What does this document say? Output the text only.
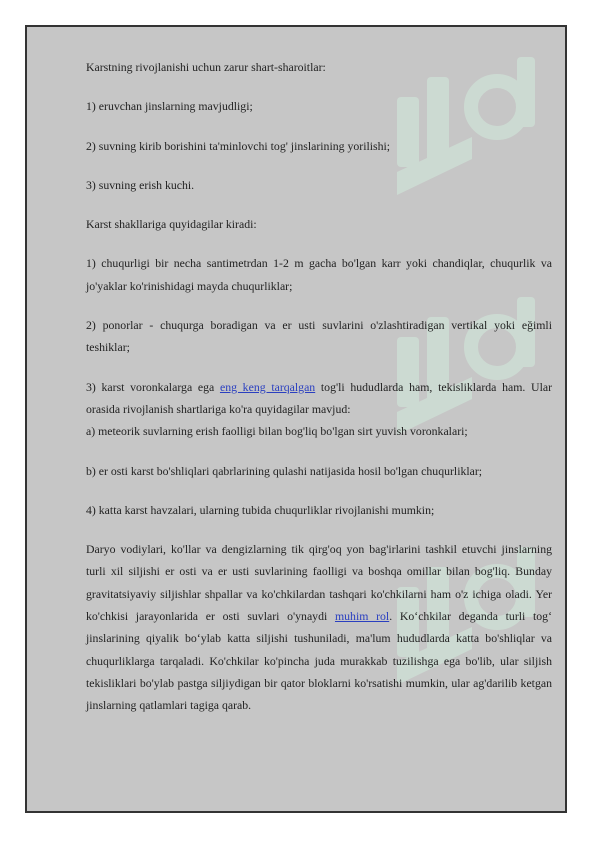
Karstning rivojlanishi uchun zarur shart-sharoitlar:

1) eruvchan jinslarning mavjudligi;

2) suvning kirib borishini ta'minlovchi tog' jinslarining yorilishi;

3) suvning erish kuchi.

Karst shakllariga quyidagilar kiradi:

1) chuqurligi bir necha santimetrdan 1-2 m gacha bo'lgan karr yoki chandiqlar, chuqurlik va jo'yaklar ko'rinishidagi mayda chuqurliklar;

2) ponorlar - chuqurga boradigan va er usti suvlarini o'zlashtiradigan vertikal yoki eğimli teshiklar;

3) karst voronkalarga ega eng keng tarqalgan tog'li hududlarda ham, tekisliklarda ham. Ular orasida rivojlanish shartlariga ko'ra quyidagilar mavjud:

a) meteorik suvlarning erish faolligi bilan bog'liq bo'lgan sirt yuvish voronkalari;

b) er osti karst bo'shliqlari qabrlarining qulashi natijasida hosil bo'lgan chuqurliklar;

4) katta karst havzalari, ularning tubida chuqurliklar rivojlanishi mumkin;

Daryo vodiylari, ko'llar va dengizlarning tik qirg'oq yon bag'irlarini tashkil etuvchi jinslarning turli xil siljishi er osti va er usti suvlarining faolligi va boshqa omillar bilan bog'liq. Bunday gravitatsiyaviy siljishlar shpallar va ko'chkilardan tashqari ko'chkilarni ham o'z ichiga oladi. Yer ko'chkisi jarayonlarida er osti suvlari o'ynaydi muhim rol. Ko‘chkilar deganda turli tog‘ jinslarining qiyalik bo‘ylab katta siljishi tushuniladi, ma'lum hududlarda katta bo'shliqlar va chuqurliklarga tarqaladi. Ko'chkilar ko'pincha juda murakkab tuzilishga ega bo'lib, ular siljish tekisliklari bo'ylab pastga siljiydigan bir qator bloklarni ko'rsatishi mumkin, ular ag'darilib ketgan jinslarning qatlamlari tagiga qarab.
